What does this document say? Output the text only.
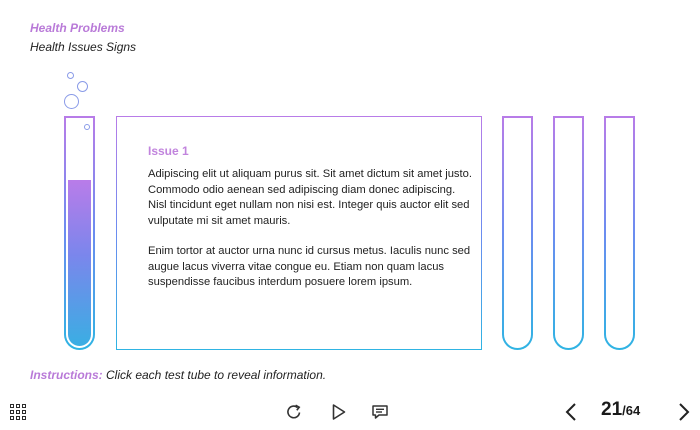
Health Problems
Health Issues Signs
Issue 1

Adipiscing elit ut aliquam purus sit. Sit amet dictum sit amet justo. Commodo odio aenean sed adipiscing diam donec adipiscing. Nisl tincidunt eget nullam non nisi est. Integer quis auctor elit sed vulputate mi sit amet mauris.

Enim tortor at auctor urna nunc id cursus metus. Iaculis nunc sed augue lacus viverra vitae congue eu. Etiam non quam lacus suspendisse faucibus interdum posuere lorem ipsum.

Instructions: Click each test tube to reveal information.
21/64
